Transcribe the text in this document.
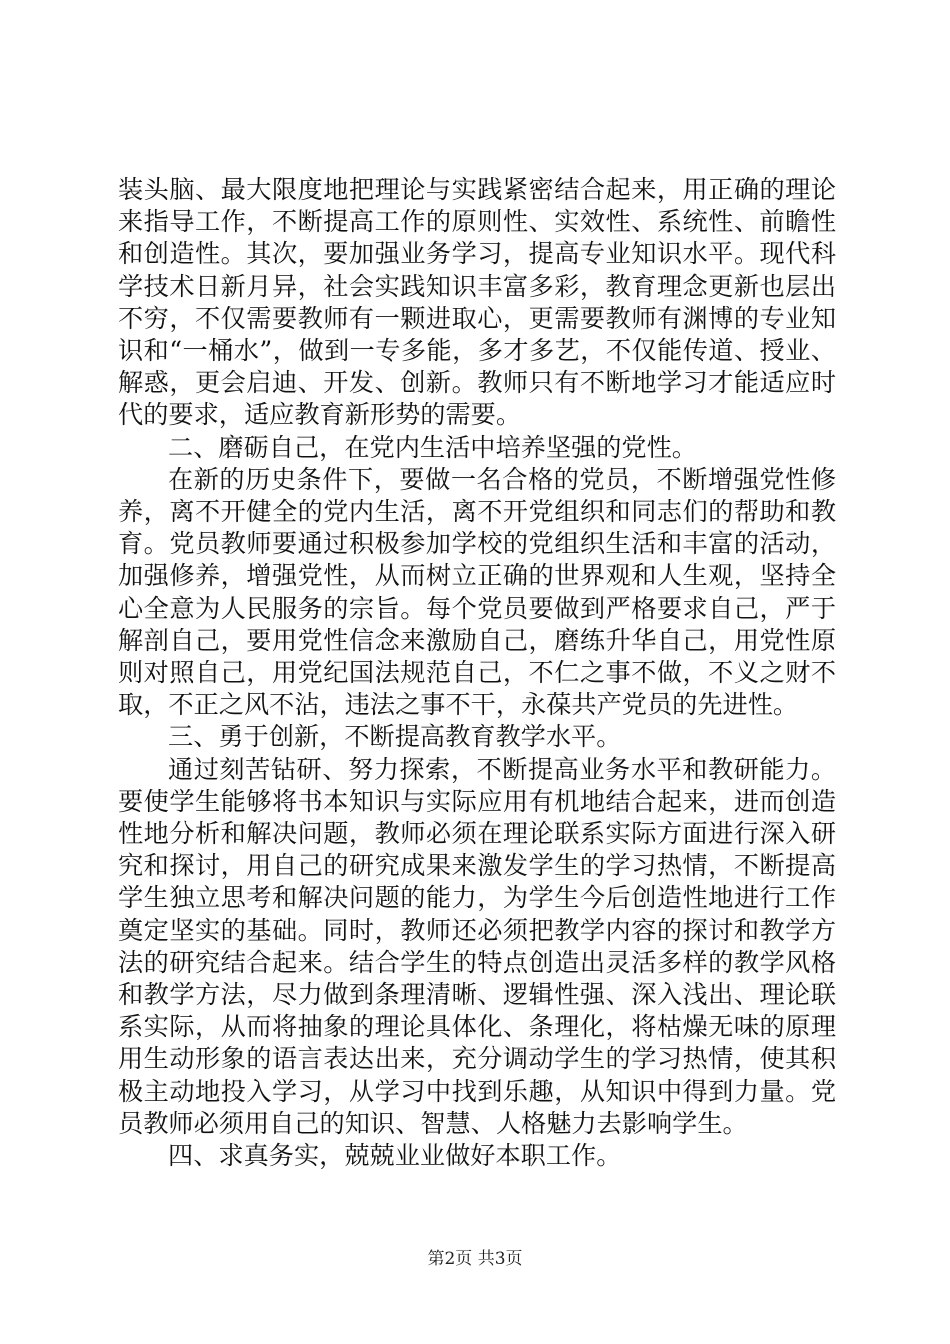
装头脑、最大限度地把理论与实践紧密结合起来，用正确的理论来指导工作，不断提高工作的原则性、实效性、系统性、前瞻性和创造性。其次，要加强业务学习，提高专业知识水平。现代科学技术日新月异，社会实践知识丰富多彩，教育理念更新也层出不穷，不仅需要教师有一颗进取心，更需要教师有渊博的专业知识和“一桶水”，做到一专多能，多才多艺，不仅能传道、授业、解惑，更会启迪、开发、创新。教师只有不断地学习才能适应时代的要求，适应教育新形势的需要。

二、磨砺自己，在党内生活中培养坚强的党性。

在新的历史条件下，要做一名合格的党员，不断增强党性修养，离不开健全的党内生活，离不开党组织和同志们的帮助和教育。党员教师要通过积极参加学校的党组织生活和丰富的活动，加强修养，增强党性，从而树立正确的世界观和人生观，坚持全心全意为人民服务的宗旨。每个党员要做到严格要求自己，严于解剖自己，要用党性信念来激励自己，磨练升华自己，用党性原则对照自己，用党纪国法规范自己，不仁之事不做，不义之财不取，不正之风不沾，违法之事不干，永葆共产党员的先进性。

三、勇于创新，不断提高教育教学水平。

通过刻苦钻研、努力探索，不断提高业务水平和教研能力。要使学生能够将书本知识与实际应用有机地结合起来，进而创造性地分析和解决问题，教师必须在理论联系实际方面进行深入研究和探讨，用自己的研究成果来激发学生的学习热情，不断提高学生独立思考和解决问题的能力，为学生今后创造性地进行工作奠定坚实的基础。同时，教师还必须把教学内容的探讨和教学方法的研究结合起来。结合学生的特点创造出灵活多样的教学风格和教学方法，尽力做到条理清晰、逻辑性强、深入浅出、理论联系实际，从而将抽象的理论具体化、条理化，将枯燥无味的原理用生动形象的语言表达出来，充分调动学生的学习热情，使其积极主动地投入学习，从学习中找到乐趣，从知识中得到力量。党员教师必须用自己的知识、智慧、人格魅力去影响学生。

四、求真务实，兢兢业业做好本职工作。

第2页 共3页
